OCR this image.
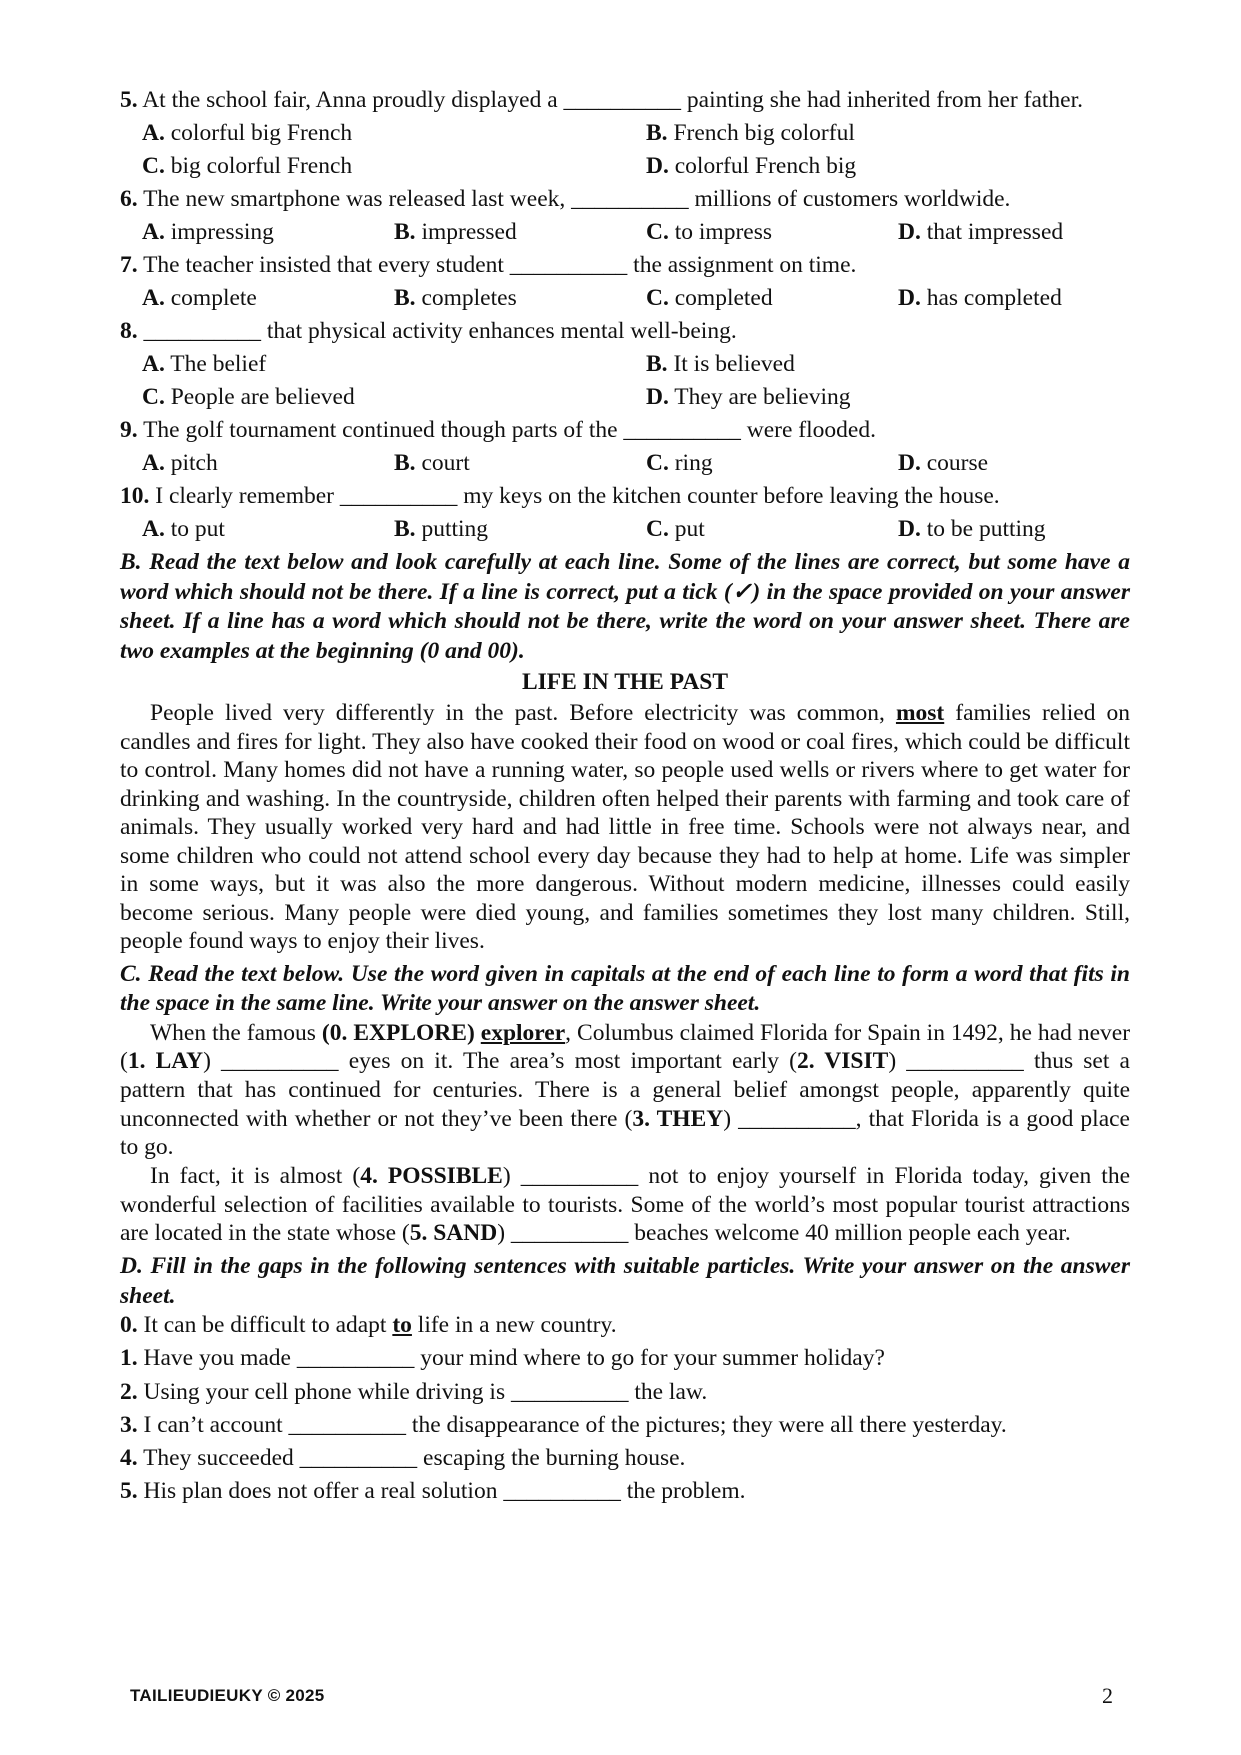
5. At the school fair, Anna proudly displayed a __________ painting she had inherited from her father.

A. colorful big French	B. French big colorful
C. big colorful French	D. colorful French big

6. The new smartphone was released last week, __________ millions of customers worldwide.

A. impressing	B. impressed	C. to impress	D. that impressed

7. The teacher insisted that every student __________ the assignment on time.

A. complete	B. completes	C. completed	D. has completed

8. __________ that physical activity enhances mental well-being.

A. The belief	B. It is believed
C. People are believed	D. They are believing

9. The golf tournament continued though parts of the __________ were flooded.

A. pitch	B. court	C. ring	D. course

10. I clearly remember __________ my keys on the kitchen counter before leaving the house.

A. to put	B. putting	C. put	D. to be putting

B. Read the text below and look carefully at each line. Some of the lines are correct, but some have a word which should not be there. If a line is correct, put a tick (✓) in the space provided on your answer sheet. If a line has a word which should not be there, write the word on your answer sheet. There are two examples at the beginning (0 and 00).

LIFE IN THE PAST

People lived very differently in the past. Before electricity was common, most families relied on candles and fires for light. They also have cooked their food on wood or coal fires, which could be difficult to control. Many homes did not have a running water, so people used wells or rivers where to get water for drinking and washing. In the countryside, children often helped their parents with farming and took care of animals. They usually worked very hard and had little in free time. Schools were not always near, and some children who could not attend school every day because they had to help at home. Life was simpler in some ways, but it was also the more dangerous. Without modern medicine, illnesses could easily become serious. Many people were died young, and families sometimes they lost many children. Still, people found ways to enjoy their lives.

C. Read the text below. Use the word given in capitals at the end of each line to form a word that fits in the space in the same line. Write your answer on the answer sheet.

When the famous (0. EXPLORE) explorer, Columbus claimed Florida for Spain in 1492, he had never (1. LAY) __________ eyes on it. The area’s most important early (2. VISIT) __________ thus set a pattern that has continued for centuries. There is a general belief amongst people, apparently quite unconnected with whether or not they’ve been there (3. THEY) __________, that Florida is a good place to go.

In fact, it is almost (4. POSSIBLE) __________ not to enjoy yourself in Florida today, given the wonderful selection of facilities available to tourists. Some of the world’s most popular tourist attractions are located in the state whose (5. SAND) __________ beaches welcome 40 million people each year.

D. Fill in the gaps in the following sentences with suitable particles. Write your answer on the answer sheet.

0. It can be difficult to adapt to life in a new country.

1. Have you made __________ your mind where to go for your summer holiday?

2. Using your cell phone while driving is __________ the law.

3. I can’t account __________ the disappearance of the pictures; they were all there yesterday.

4. They succeeded __________ escaping the burning house.

5. His plan does not offer a real solution __________ the problem.

TAILIEUDIEUKY © 2025	2
